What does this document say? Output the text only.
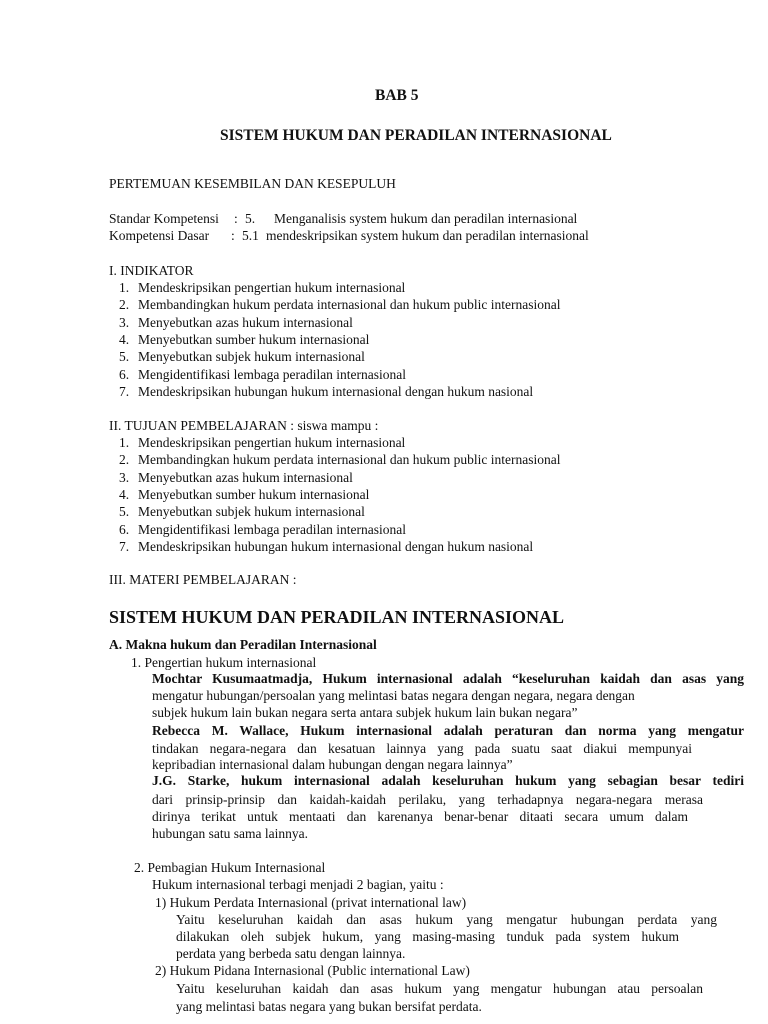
BAB 5
SISTEM HUKUM DAN PERADILAN INTERNASIONAL
PERTEMUAN KESEMBILAN DAN KESEPULUH
Standar Kompetensi : 5. Menganalisis system hukum dan peradilan internasional
Kompetensi Dasar : 5.1 mendeskripsikan system hukum dan peradilan internasional
I. INDIKATOR
1. Mendeskripsikan pengertian hukum internasional
2. Membandingkan hukum perdata internasional dan hukum public internasional
3. Menyebutkan azas hukum internasional
4. Menyebutkan sumber hukum internasional
5. Menyebutkan subjek hukum internasional
6. Mengidentifikasi lembaga peradilan internasional
7. Mendeskripsikan hubungan hukum internasional dengan hukum nasional
II. TUJUAN PEMBELAJARAN : siswa mampu :
1. Mendeskripsikan pengertian hukum internasional
2. Membandingkan hukum perdata internasional dan hukum public internasional
3. Menyebutkan azas hukum internasional
4. Menyebutkan sumber hukum internasional
5. Menyebutkan subjek hukum internasional
6. Mengidentifikasi lembaga peradilan internasional
7. Mendeskripsikan hubungan hukum internasional dengan hukum nasional
III. MATERI PEMBELAJARAN :
SISTEM HUKUM DAN PERADILAN INTERNASIONAL
A. Makna hukum dan Peradilan Internasional
1. Pengertian hukum internasional
Mochtar Kusumaatmadja, Hukum internasional adalah “keseluruhan kaidah dan asas yang
mengatur hubungan/persoalan yang melintasi batas negara dengan negara, negara dengan
subjek hukum lain bukan negara serta antara subjek hukum lain bukan negara”
Rebecca M. Wallace, Hukum internasional adalah peraturan dan norma yang mengatur
tindakan negara-negara dan kesatuan lainnya yang pada suatu saat diakui mempunyai
kepribadian internasional dalam hubungan dengan negara lainnya”
J.G. Starke, hukum internasional adalah keseluruhan hukum yang sebagian besar tediri
dari prinsip-prinsip dan kaidah-kaidah perilaku, yang terhadapnya negara-negara merasa
dirinya terikat untuk mentaati dan karenanya benar-benar ditaati secara umum dalam
hubungan satu sama lainnya.
2. Pembagian Hukum Internasional
Hukum internasional terbagi menjadi 2 bagian, yaitu :
1) Hukum Perdata Internasional (privat international law)
Yaitu keseluruhan kaidah dan asas hukum yang mengatur hubungan perdata yang
dilakukan oleh subjek hukum, yang masing-masing tunduk pada system hukum
perdata yang berbeda satu dengan lainnya.
2) Hukum Pidana Internasional (Public international Law)
Yaitu keseluruhan kaidah dan asas hukum yang mengatur hubungan atau persoalan
yang melintasi batas negara yang bukan bersifat perdata.
